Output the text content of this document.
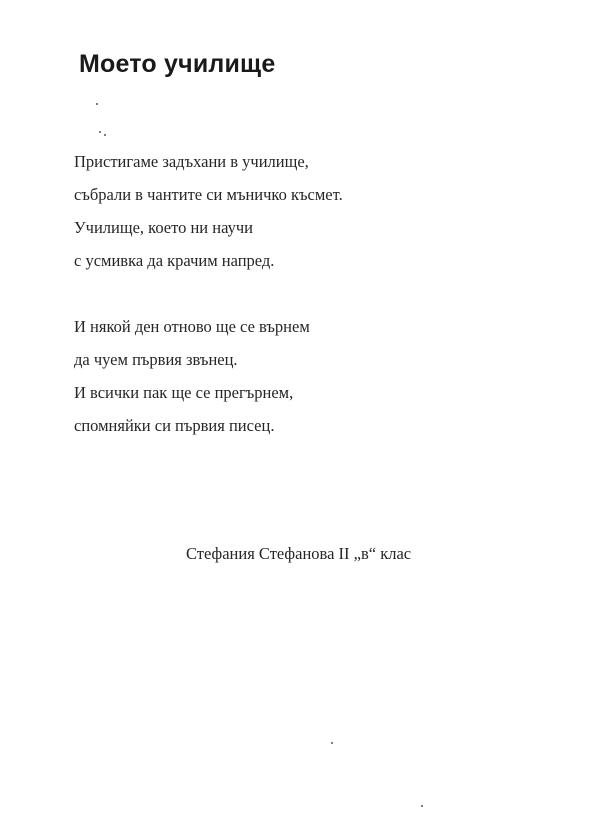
Моето училище
Пристигаме задъхани в училище,
събрали в чантите си мъничко късмет.
Училище, което ни научи
с усмивка да крачим напред.
И някой ден отново ще се върнем
да чуем първия звънец.
И всички пак ще се прегърнем,
спомняйки си първия писец.
Стефания Стефанова II „в“ клас
